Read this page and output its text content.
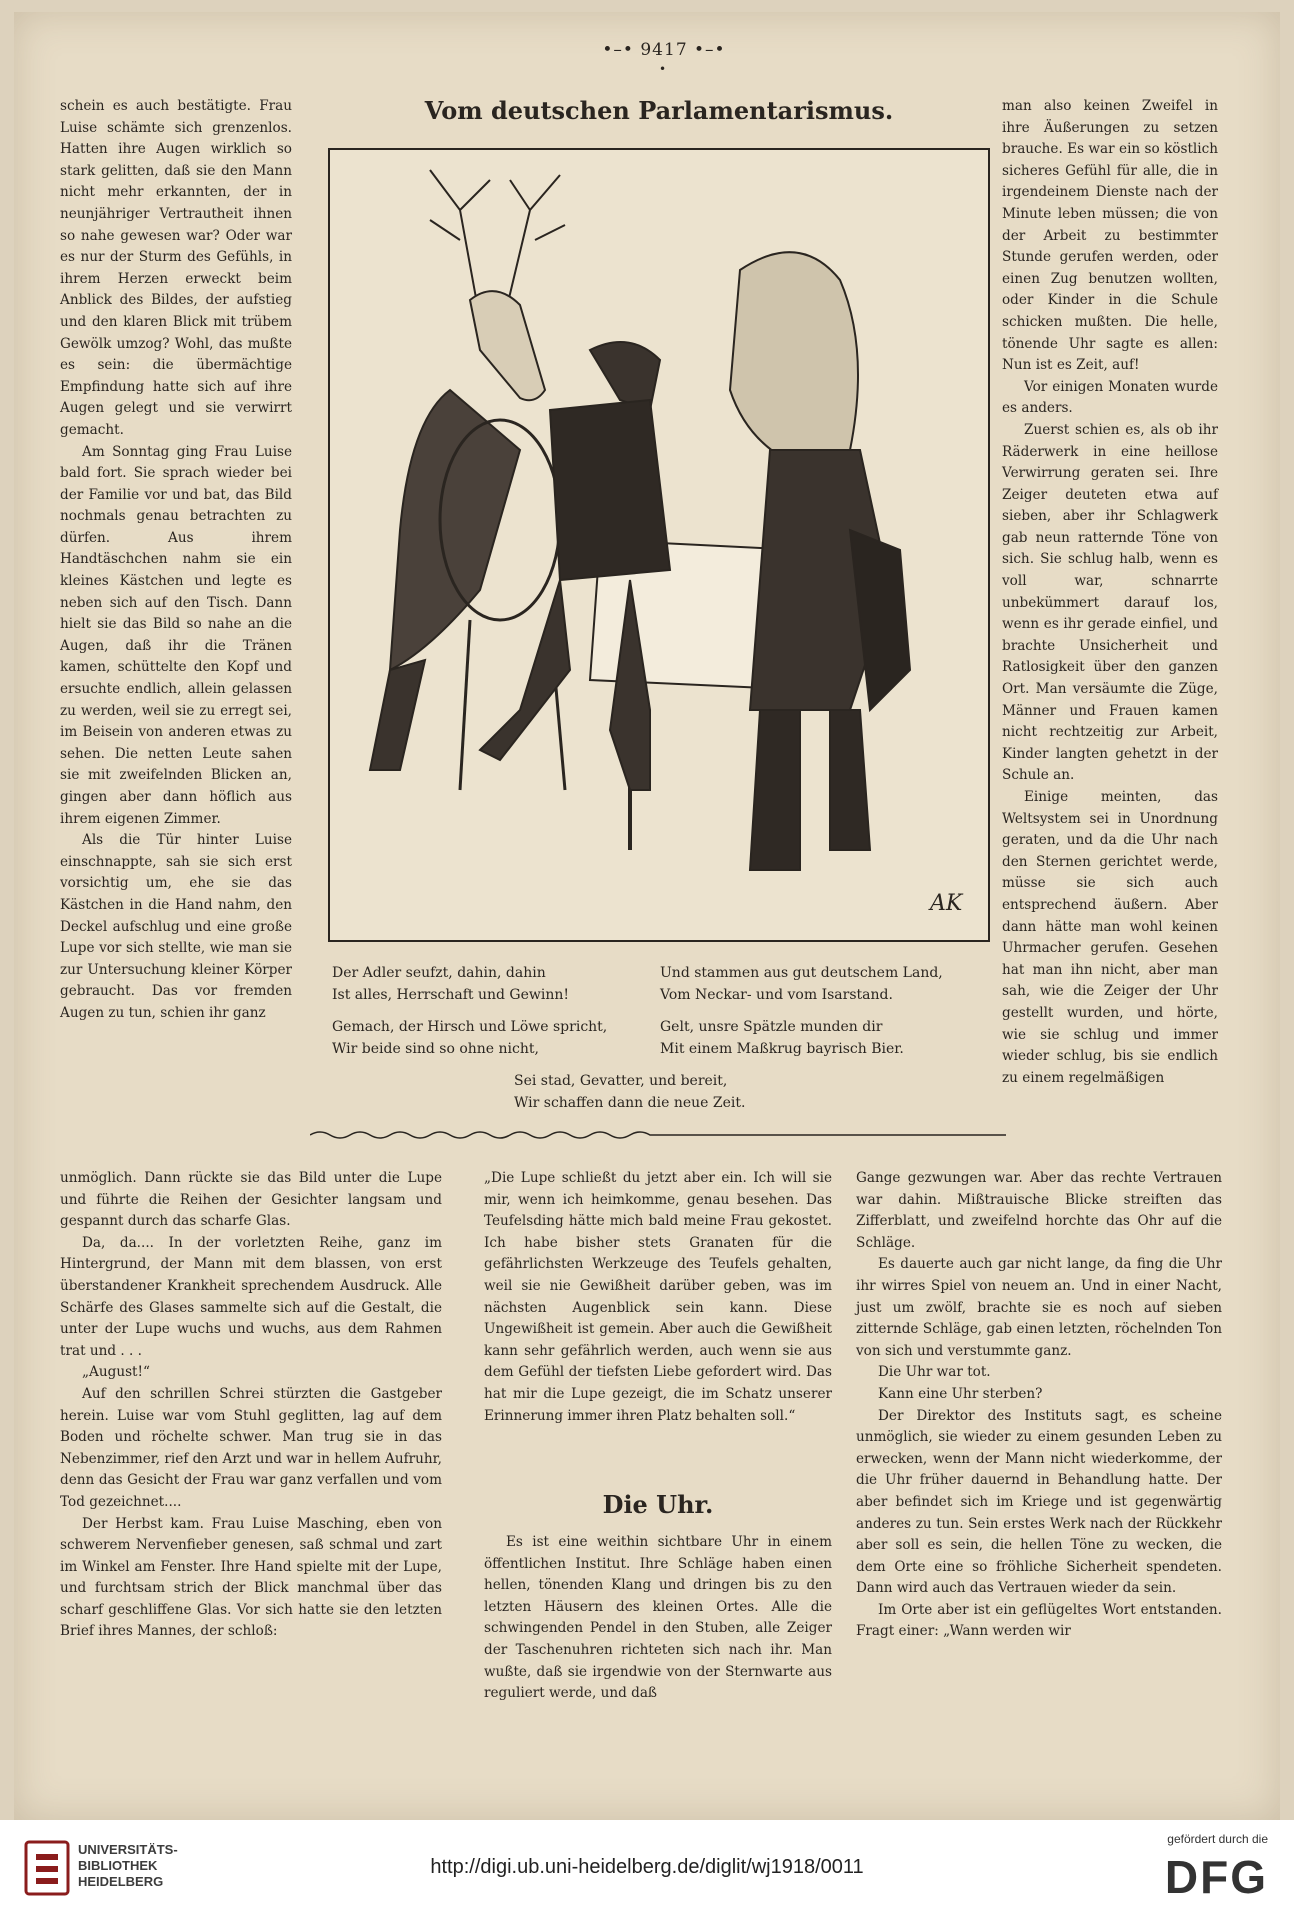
•–• 9417 •–•
•

schein es auch bestätigte. Frau Luise schämte sich grenzenlos. Hatten ihre Augen wirklich so stark gelitten, daß sie den Mann nicht mehr erkannten, der in neunjähriger Vertrautheit ihnen so nahe gewesen war? Oder war es nur der Sturm des Gefühls, in ihrem Herzen erweckt beim Anblick des Bildes, der aufstieg und den klaren Blick mit trübem Gewölk umzog? Wohl, das mußte es sein: die übermächtige Empfindung hatte sich auf ihre Augen gelegt und sie verwirrt gemacht.

Am Sonntag ging Frau Luise bald fort. Sie sprach wieder bei der Familie vor und bat, das Bild nochmals genau betrachten zu dürfen. Aus ihrem Handtäschchen nahm sie ein kleines Kästchen und legte es neben sich auf den Tisch. Dann hielt sie das Bild so nahe an die Augen, daß ihr die Tränen kamen, schüttelte den Kopf und ersuchte endlich, allein gelassen zu werden, weil sie zu erregt sei, im Beisein von anderen etwas zu sehen. Die netten Leute sahen sie mit zweifelnden Blicken an, gingen aber dann höflich aus ihrem eigenen Zimmer.

Als die Tür hinter Luise einschnappte, sah sie sich erst vorsichtig um, ehe sie das Kästchen in die Hand nahm, den Deckel aufschlug und eine große Lupe vor sich stellte, wie man sie zur Untersuchung kleiner Körper gebraucht. Das vor fremden Augen zu tun, schien ihr ganz

Vom deutschen Parlamentarismus.
AK
Der Adler seufzt, dahin, dahin
Ist alles, Herrschaft und Gewinn!
Gemach, der Hirsch und Löwe spricht,
Wir beide sind so ohne nicht,
Und stammen aus gut deutschem Land,
Vom Neckar- und vom Isarstand.
Gelt, unsre Spätzle munden dir
Mit einem Maßkrug bayrisch Bier.
Sei stad, Gevatter, und bereit,
Wir schaffen dann die neue Zeit.

man also keinen Zweifel in ihre Äußerungen zu setzen brauche. Es war ein so köstlich sicheres Gefühl für alle, die in irgendeinem Dienste nach der Minute leben müssen; die von der Arbeit zu bestimmter Stunde gerufen werden, oder einen Zug benutzen wollten, oder Kinder in die Schule schicken mußten. Die helle, tönende Uhr sagte es allen: Nun ist es Zeit, auf!

Vor einigen Monaten wurde es anders.

Zuerst schien es, als ob ihr Räderwerk in eine heillose Verwirrung geraten sei. Ihre Zeiger deuteten etwa auf sieben, aber ihr Schlagwerk gab neun ratternde Töne von sich. Sie schlug halb, wenn es voll war, schnarrte unbekümmert darauf los, wenn es ihr gerade einfiel, und brachte Unsicherheit und Ratlosigkeit über den ganzen Ort. Man versäumte die Züge, Männer und Frauen kamen nicht rechtzeitig zur Arbeit, Kinder langten gehetzt in der Schule an.

Einige meinten, das Weltsystem sei in Unordnung geraten, und da die Uhr nach den Sternen gerichtet werde, müsse sie sich auch entsprechend äußern. Aber dann hätte man wohl keinen Uhrmacher gerufen. Gesehen hat man ihn nicht, aber man sah, wie die Zeiger der Uhr gestellt wurden, und hörte, wie sie schlug und immer wieder schlug, bis sie endlich zu einem regelmäßigen

unmöglich. Dann rückte sie das Bild unter die Lupe und führte die Reihen der Gesichter langsam und gespannt durch das scharfe Glas.

Da, da.... In der vorletzten Reihe, ganz im Hintergrund, der Mann mit dem blassen, von erst überstandener Krankheit sprechendem Ausdruck. Alle Schärfe des Glases sammelte sich auf die Gestalt, die unter der Lupe wuchs und wuchs, aus dem Rahmen trat und . . .

„August!“

Auf den schrillen Schrei stürzten die Gastgeber herein. Luise war vom Stuhl geglitten, lag auf dem Boden und röchelte schwer. Man trug sie in das Nebenzimmer, rief den Arzt und war in hellem Aufruhr, denn das Gesicht der Frau war ganz verfallen und vom Tod gezeichnet....

Der Herbst kam. Frau Luise Masching, eben von schwerem Nervenfieber genesen, saß schmal und zart im Winkel am Fenster. Ihre Hand spielte mit der Lupe, und furchtsam strich der Blick manchmal über das scharf geschliffene Glas. Vor sich hatte sie den letzten Brief ihres Mannes, der schloß:

„Die Lupe schließt du jetzt aber ein. Ich will sie mir, wenn ich heimkomme, genau besehen. Das Teufelsding hätte mich bald meine Frau gekostet. Ich habe bisher stets Granaten für die gefährlichsten Werkzeuge des Teufels gehalten, weil sie nie Gewißheit darüber geben, was im nächsten Augenblick sein kann. Diese Ungewißheit ist gemein. Aber auch die Gewißheit kann sehr gefährlich werden, auch wenn sie aus dem Gefühl der tiefsten Liebe gefordert wird. Das hat mir die Lupe gezeigt, die im Schatz unserer Erinnerung immer ihren Platz behalten soll.“

Die Uhr.

Es ist eine weithin sichtbare Uhr in einem öffentlichen Institut. Ihre Schläge haben einen hellen, tönenden Klang und dringen bis zu den letzten Häusern des kleinen Ortes. Alle die schwingenden Pendel in den Stuben, alle Zeiger der Taschenuhren richteten sich nach ihr. Man wußte, daß sie irgendwie von der Sternwarte aus reguliert werde, und daß

Gange gezwungen war. Aber das rechte Vertrauen war dahin. Mißtrauische Blicke streiften das Zifferblatt, und zweifelnd horchte das Ohr auf die Schläge.

Es dauerte auch gar nicht lange, da fing die Uhr ihr wirres Spiel von neuem an. Und in einer Nacht, just um zwölf, brachte sie es noch auf sieben zitternde Schläge, gab einen letzten, röchelnden Ton von sich und verstummte ganz.

Die Uhr war tot.

Kann eine Uhr sterben?

Der Direktor des Instituts sagt, es scheine unmöglich, sie wieder zu einem gesunden Leben zu erwecken, wenn der Mann nicht wiederkomme, der die Uhr früher dauernd in Behandlung hatte. Der aber befindet sich im Kriege und ist gegenwärtig anderes zu tun. Sein erstes Werk nach der Rückkehr aber soll es sein, die hellen Töne zu wecken, die dem Orte eine so fröhliche Sicherheit spendeten. Dann wird auch das Vertrauen wieder da sein.

Im Orte aber ist ein geflügeltes Wort entstanden. Fragt einer: „Wann werden wir

UNIVERSITÄTS-
BIBLIOTHEK
HEIDELBERG
http://digi.ub.uni-heidelberg.de/diglit/wj1918/0011
gefördert durch die
DFG
